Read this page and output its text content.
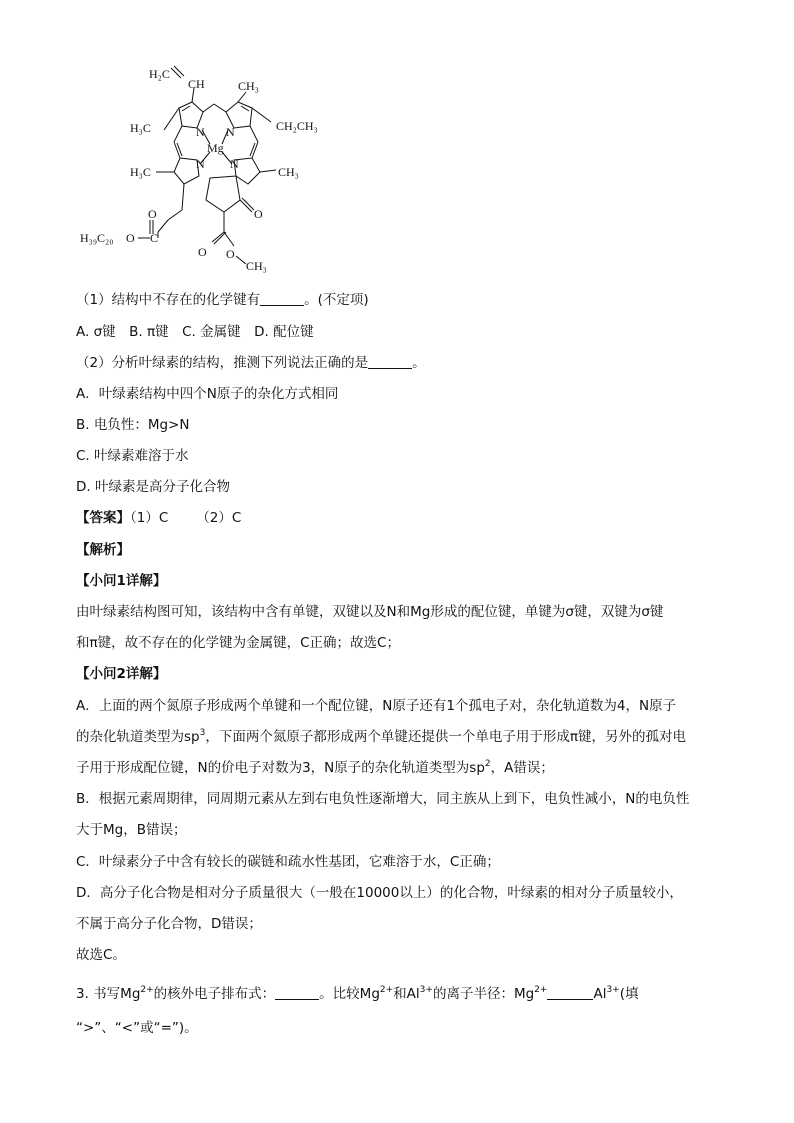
H₂C
CH	CH₃
H₃C	CH₂CH₃
N N
Mg
N N
H₃C	CH₃
O	O
H₃₉C₂₀ O C
O O
CH₃
（1）结构中不存在的化学键有	。(不定项)
A. σ键　B. π键　C. 金属键　D. 配位键
（2）分析叶绿素的结构，推测下列说法正确的是	。
A．叶绿素结构中四个N原子的杂化方式相同
B. 电负性：Mg>N
C. 叶绿素难溶于水
D. 叶绿素是高分子化合物
【答案】（1）C （2）C
【解析】
【小问1详解】
由叶绿素结构图可知，该结构中含有单键，双键以及N和Mg形成的配位键，单键为σ键，双键为σ键
和π键，故不存在的化学键为金属键，C正确；故选C；
【小问2详解】
A．上面的两个氮原子形成两个单键和一个配位键，N原子还有1个孤电子对，杂化轨道数为4，N原子
的杂化轨道类型为$sp^3$，下面两个氮原子都形成两个单键还提供一个单电子用于形成π键，另外的孤对电
子用于形成配位键，N的价电子对数为3，N原子的杂化轨道类型为$sp^2$，A错误；
B．根据元素周期律，同周期元素从左到右电负性逐渐增大，同主族从上到下，电负性减小，N的电负性
大于Mg，B错误；
C．叶绿素分子中含有较长的碳链和疏水性基团，它难溶于水，C正确；
D．高分子化合物是相对分子质量很大（一般在10000以上）的化合物，叶绿素的相对分子质量较小，
不属于高分子化合物，D错误；
故选C。
3. 书写$Mg^{2+}$的核外电子排布式：	。比较$Mg^{2+}$和$Al^{3+}$的离子半径：$Mg^{2+}$	$Al^{3+}$(填
“>”、“<”或“=”)。
